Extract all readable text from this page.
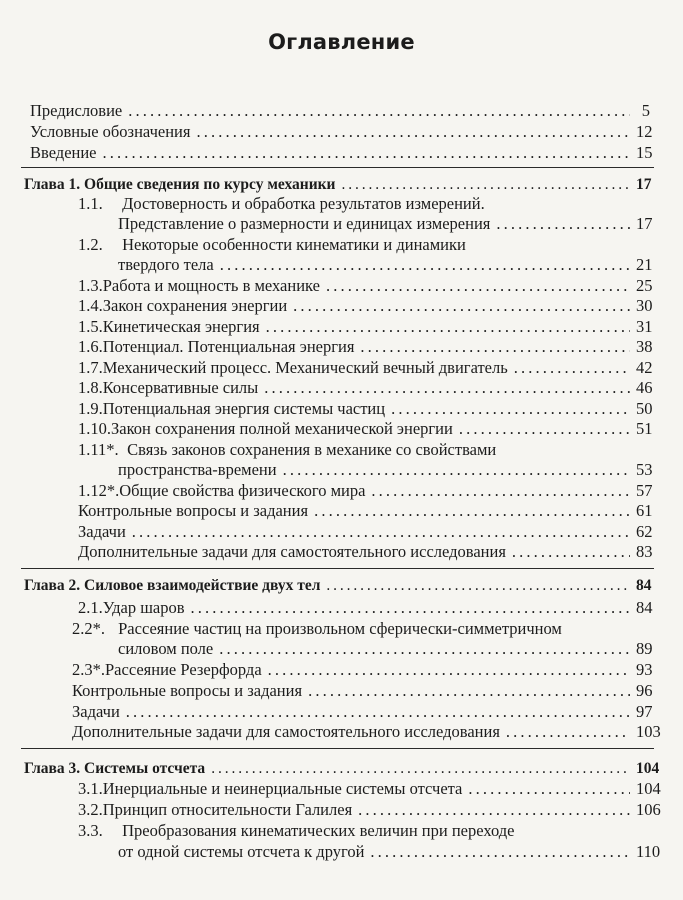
Оглавление
Предисловие . . .	5
Условные обозначения . . .	12
Введение . . .	15
Глава 1. Общие сведения по курсу механики . . .	17
1.1. Достоверность и обработка результатов измерений.
Представление о размерности и единицах измерения . . .	17
1.2. Некоторые особенности кинематики и динамики
твердого тела . . .	21
1.3. Работа и мощность в механике . . .	25
1.4. Закон сохранения энергии . . .	30
1.5. Кинетическая энергия . . .	31
1.6. Потенциал. Потенциальная энергия . . .	38
1.7. Механический процесс. Механический вечный двигатель . . .	42
1.8. Консервативные силы . . .	46
1.9. Потенциальная энергия системы частиц . . .	50
1.10. Закон сохранения полной механической энергии . . .	51
1.11*. Связь законов сохранения в механике со свойствами
пространства-времени . . .	53
1.12*. Общие свойства физического мира . . .	57
Контрольные вопросы и задания . . .	61
Задачи . . .	62
Дополнительные задачи для самостоятельного исследования . . .	83
Глава 2. Силовое взаимодействие двух тел . . .	84
2.1. Удар шаров . . .	84
2.2*. Рассеяние частиц на произвольном сферически-симметричном
силовом поле . . .	89
2.3*. Рассеяние Резерфорда . . .	93
Контрольные вопросы и задания . . .	96
Задачи . . .	97
Дополнительные задачи для самостоятельного исследования . . .	103
Глава 3. Системы отсчета . . .	104
3.1. Инерциальные и неинерциальные системы отсчета . . .	104
3.2. Принцип относительности Галилея . . .	106
3.3. Преобразования кинематических величин при переходе
от одной системы отсчета к другой . . .	110
